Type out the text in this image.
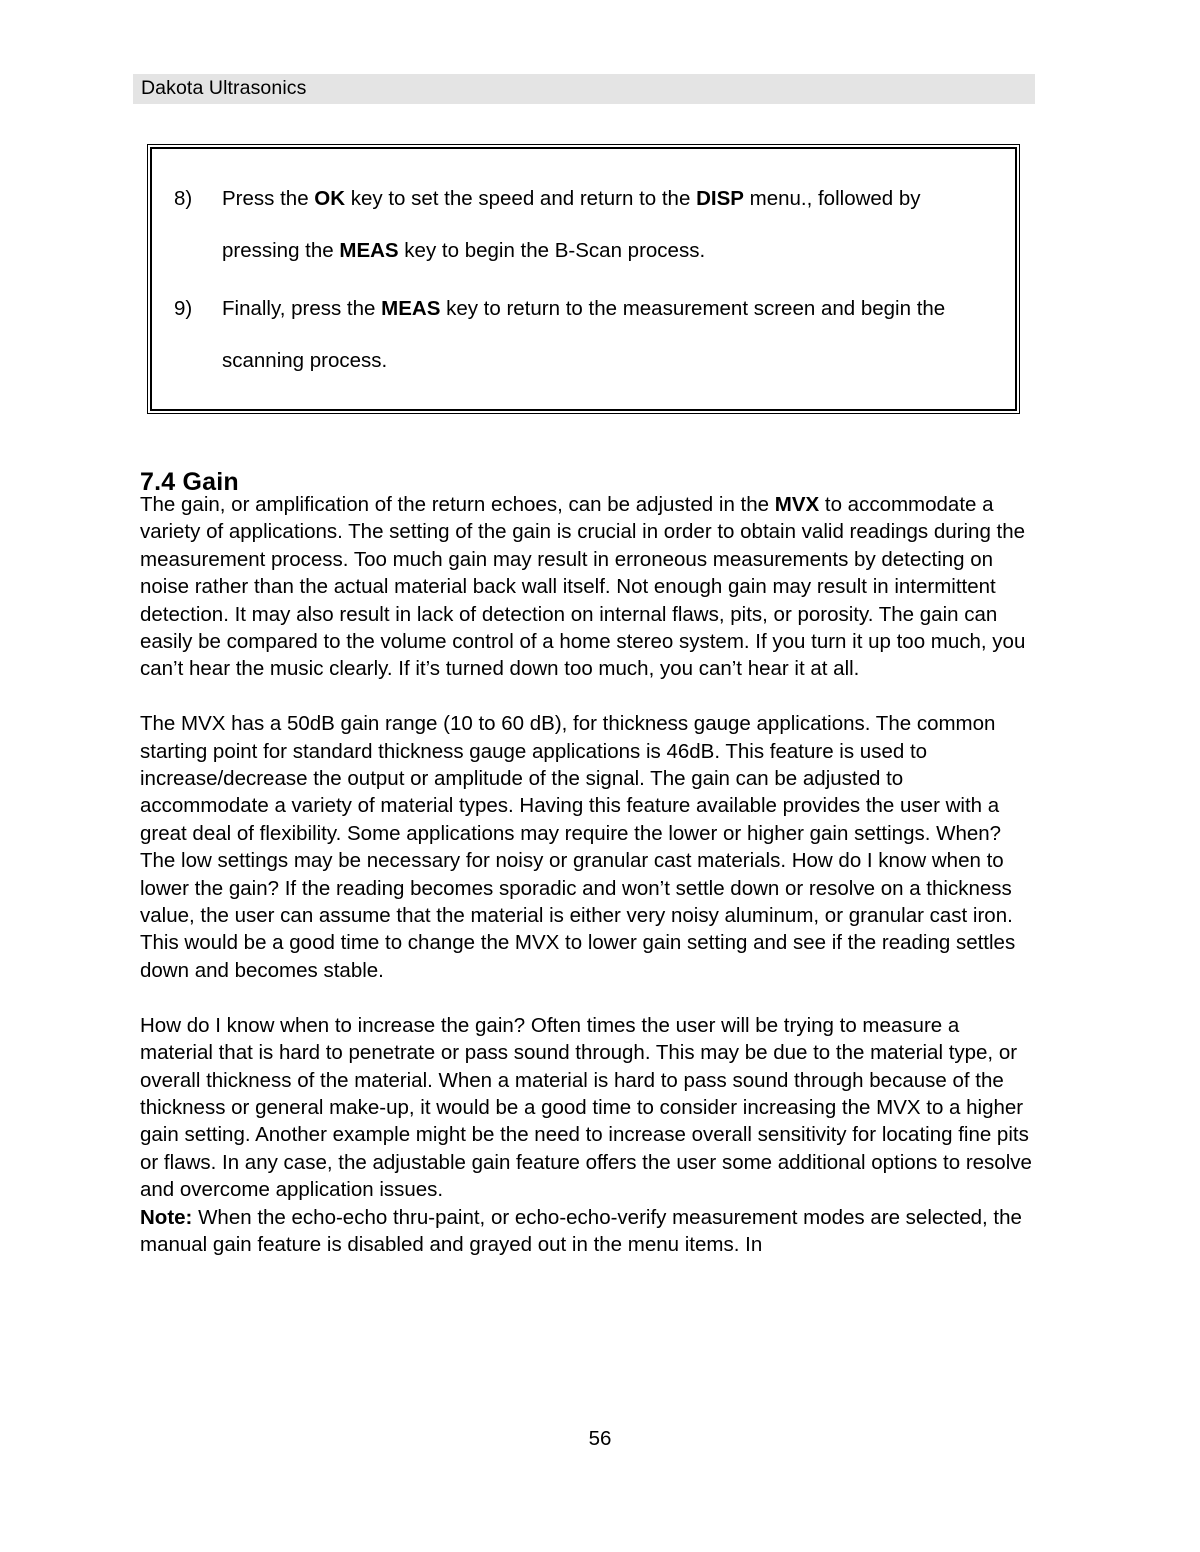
Dakota Ultrasonics
8)	Press the OK key to set the speed and return to the DISP menu., followed by pressing the MEAS key to begin the B-Scan process.
9)	Finally, press the MEAS key to return to the measurement screen and begin the scanning process.
7.4 Gain

The gain, or amplification of the return echoes, can be adjusted in the MVX to accommodate a variety of applications. The setting of the gain is crucial in order to obtain valid readings during the measurement process. Too much gain may result in erroneous measurements by detecting on noise rather than the actual material back wall itself. Not enough gain may result in intermittent detection. It may also result in lack of detection on internal flaws, pits, or porosity. The gain can easily be compared to the volume control of a home stereo system. If you turn it up too much, you can’t hear the music clearly. If it’s turned down too much, you can’t hear it at all.

The MVX has a 50dB gain range (10 to 60 dB), for thickness gauge applications. The common starting point for standard thickness gauge applications is 46dB. This feature is used to increase/decrease the output or amplitude of the signal. The gain can be adjusted to accommodate a variety of material types. Having this feature available provides the user with a great deal of flexibility. Some applications may require the lower or higher gain settings. When? The low settings may be necessary for noisy or granular cast materials. How do I know when to lower the gain? If the reading becomes sporadic and won’t settle down or resolve on a thickness value, the user can assume that the material is either very noisy aluminum, or granular cast iron. This would be a good time to change the MVX to lower gain setting and see if the reading settles down and becomes stable.

How do I know when to increase the gain? Often times the user will be trying to measure a material that is hard to penetrate or pass sound through. This may be due to the material type, or overall thickness of the material. When a material is hard to pass sound through because of the thickness or general make-up, it would be a good time to consider increasing the MVX to a higher gain setting. Another example might be the need to increase overall sensitivity for locating fine pits or flaws. In any case, the adjustable gain feature offers the user some additional options to resolve and overcome application issues.

Note: When the echo-echo thru-paint, or echo-echo-verify measurement modes are selected, the manual gain feature is disabled and grayed out in the menu items. In

56
